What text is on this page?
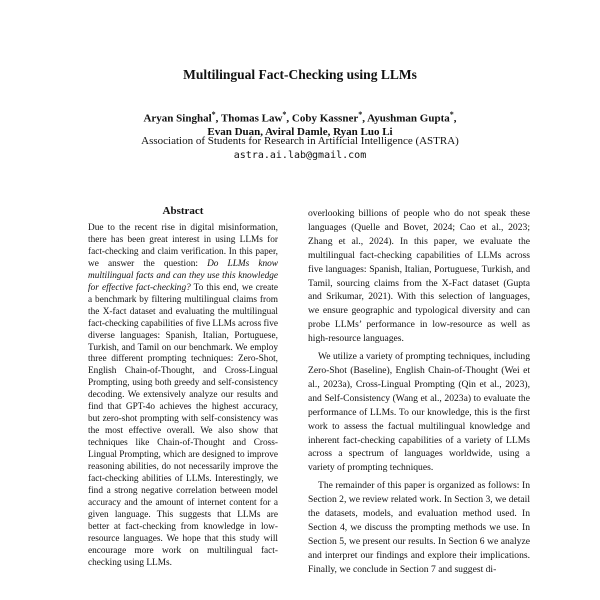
Multilingual Fact-Checking using LLMs
Aryan Singhal*, Thomas Law*, Coby Kassner*, Ayushman Gupta*,
Evan Duan, Aviral Damle, Ryan Luo Li
Association of Students for Research in Artificial Intelligence (ASTRA)
astra.ai.lab@gmail.com
Abstract

Due to the recent rise in digital misinformation, there has been great interest in using LLMs for fact-checking and claim verification. In this paper, we answer the question: Do LLMs know multilingual facts and can they use this knowledge for effective fact-checking? To this end, we create a benchmark by filtering multilingual claims from the X-fact dataset and evaluating the multilingual fact-checking capabilities of five LLMs across five diverse languages: Spanish, Italian, Portuguese, Turkish, and Tamil on our benchmark. We employ three different prompting techniques: Zero-Shot, English Chain-of-Thought, and Cross-Lingual Prompting, using both greedy and self-consistency decoding. We extensively analyze our results and find that GPT-4o achieves the highest accuracy, but zero-shot prompting with self-consistency was the most effective overall. We also show that techniques like Chain-of-Thought and Cross-Lingual Prompting, which are designed to improve reasoning abilities, do not necessarily improve the fact-checking abilities of LLMs. Interestingly, we find a strong negative correlation between model accuracy and the amount of internet content for a given language. This suggests that LLMs are better at fact-checking from knowledge in low-resource languages. We hope that this study will encourage more work on multilingual fact-checking using LLMs.

overlooking billions of people who do not speak these languages (Quelle and Bovet, 2024; Cao et al., 2023; Zhang et al., 2024). In this paper, we evaluate the multilingual fact-checking capabilities of LLMs across five languages: Spanish, Italian, Portuguese, Turkish, and Tamil, sourcing claims from the X-Fact dataset (Gupta and Srikumar, 2021). With this selection of languages, we ensure geographic and typological diversity and can probe LLMs’ performance in low-resource as well as high-resource languages.

We utilize a variety of prompting techniques, including Zero-Shot (Baseline), English Chain-of-Thought (Wei et al., 2023a), Cross-Lingual Prompting (Qin et al., 2023), and Self-Consistency (Wang et al., 2023a) to evaluate the performance of LLMs. To our knowledge, this is the first work to assess the factual multilingual knowledge and inherent fact-checking capabilities of a variety of LLMs across a spectrum of languages worldwide, using a variety of prompting techniques.

The remainder of this paper is organized as follows: In Section 2, we review related work. In Section 3, we detail the datasets, models, and evaluation method used. In Section 4, we discuss the prompting methods we use. In Section 5, we present our results. In Section 6 we analyze and interpret our findings and explore their implications. Finally, we conclude in Section 7 and suggest di-
